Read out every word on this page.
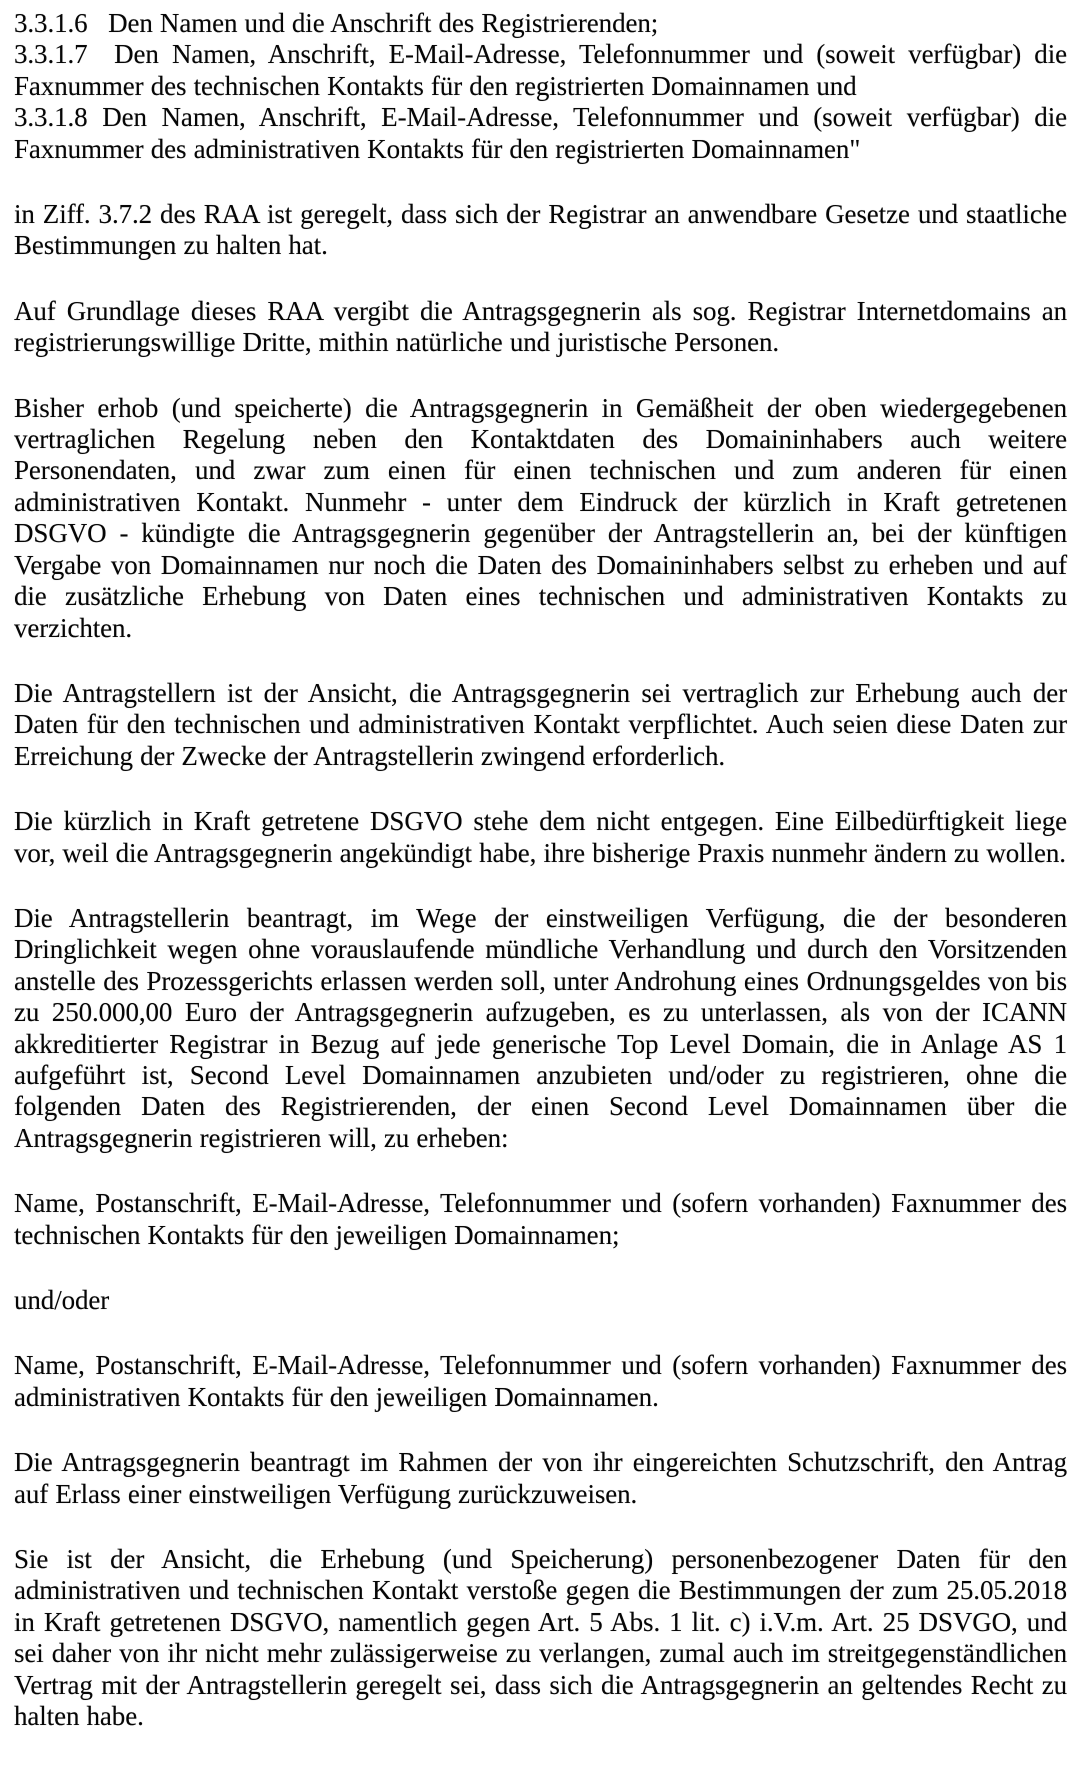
3.3.1.6  Den Namen und die Anschrift des Registrierenden;

3.3.1.7  Den Namen, Anschrift, E-Mail-Adresse, Telefonnummer und (soweit verfügbar) die Faxnummer des technischen Kontakts für den registrierten Domainnamen und

3.3.1.8 Den Namen, Anschrift, E-Mail-Adresse, Telefonnummer und (soweit verfügbar) die Faxnummer des administrativen Kontakts für den registrierten Domainnamen"

in Ziff. 3.7.2 des RAA ist geregelt, dass sich der Registrar an anwendbare Gesetze und staatliche Bestimmungen zu halten hat.

Auf Grundlage dieses RAA vergibt die Antragsgegnerin als sog. Registrar Internetdomains an registrierungswillige Dritte, mithin natürliche und juristische Personen.

Bisher erhob (und speicherte) die Antragsgegnerin in Gemäßheit der oben wiedergegebenen vertraglichen Regelung neben den Kontaktdaten des Domaininhabers auch weitere Personendaten, und zwar zum einen für einen technischen und zum anderen für einen administrativen Kontakt. Nunmehr - unter dem Eindruck der kürzlich in Kraft getretenen DSGVO - kündigte die Antragsgegnerin gegenüber der Antragstellerin an, bei der künftigen Vergabe von Domainnamen nur noch die Daten des Domaininhabers selbst zu erheben und auf die zusätzliche Erhebung von Daten eines technischen und administrativen Kontakts zu verzichten.

Die Antragstellern ist der Ansicht, die Antragsgegnerin sei vertraglich zur Erhebung auch der Daten für den technischen und administrativen Kontakt verpflichtet. Auch seien diese Daten zur Erreichung der Zwecke der Antragstellerin zwingend erforderlich.

Die kürzlich in Kraft getretene DSGVO stehe dem nicht entgegen. Eine Eilbedürftigkeit liege vor, weil die Antragsgegnerin angekündigt habe, ihre bisherige Praxis nunmehr ändern zu wollen.

Die Antragstellerin beantragt, im Wege der einstweiligen Verfügung, die der besonderen Dringlichkeit wegen ohne vorauslaufende mündliche Verhandlung und durch den Vorsitzenden anstelle des Prozessgerichts erlassen werden soll, unter Androhung eines Ordnungsgeldes von bis zu 250.000,00 Euro der Antragsgegnerin aufzugeben, es zu unterlassen, als von der ICANN akkreditierter Registrar in Bezug auf jede generische Top Level Domain, die in Anlage AS 1 aufgeführt ist, Second Level Domainnamen anzubieten und/oder zu registrieren, ohne die folgenden Daten des Registrierenden, der einen Second Level Domainnamen über die Antragsgegnerin registrieren will, zu erheben:

Name, Postanschrift, E-Mail-Adresse, Telefonnummer und (sofern vorhanden) Faxnummer des technischen Kontakts für den jeweiligen Domainnamen;

und/oder

Name, Postanschrift, E-Mail-Adresse, Telefonnummer und (sofern vorhanden) Faxnummer des administrativen Kontakts für den jeweiligen Domainnamen.

Die Antragsgegnerin beantragt im Rahmen der von ihr eingereichten Schutzschrift, den Antrag auf Erlass einer einstweiligen Verfügung zurückzuweisen.

Sie ist der Ansicht, die Erhebung (und Speicherung) personenbezogener Daten für den administrativen und technischen Kontakt verstoße gegen die Bestimmungen der zum 25.05.2018 in Kraft getretenen DSGVO, namentlich gegen Art. 5 Abs. 1 lit. c) i.V.m. Art. 25 DSVGO, und sei daher von ihr nicht mehr zulässigerweise zu verlangen, zumal auch im streitgegenständlichen Vertrag mit der Antragstellerin geregelt sei, dass sich die Antragsgegnerin an geltendes Recht zu halten habe.
